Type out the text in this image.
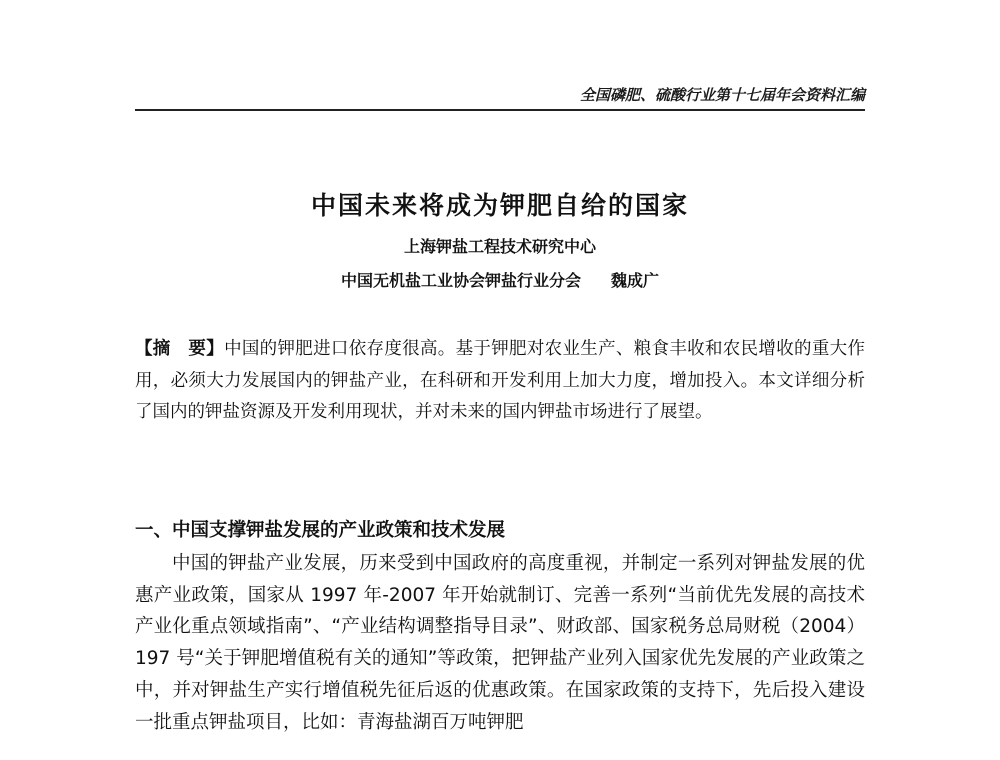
全国磷肥、硫酸行业第十七届年会资料汇编
中国未来将成为钾肥自给的国家
上海钾盐工程技术研究中心
中国无机盐工业协会钾盐行业分会 魏成广
【摘　要】中国的钾肥进口依存度很高。基于钾肥对农业生产、粮食丰收和农民增收的重大作用，必须大力发展国内的钾盐产业，在科研和开发利用上加大力度，增加投入。本文详细分析了国内的钾盐资源及开发利用现状，并对未来的国内钾盐市场进行了展望。
一、中国支撑钾盐发展的产业政策和技术发展
中国的钾盐产业发展，历来受到中国政府的高度重视，并制定一系列对钾盐发展的优惠产业政策，国家从 1997 年-2007 年开始就制订、完善一系列“当前优先发展的高技术产业化重点领域指南”、“产业结构调整指导目录”、财政部、国家税务总局财税（2004）197 号“关于钾肥增值税有关的通知”等政策，把钾盐产业列入国家优先发展的产业政策之中，并对钾盐生产实行增值税先征后返的优惠政策。在国家政策的支持下，先后投入建设一批重点钾盐项目，比如：青海盐湖百万吨钾肥
